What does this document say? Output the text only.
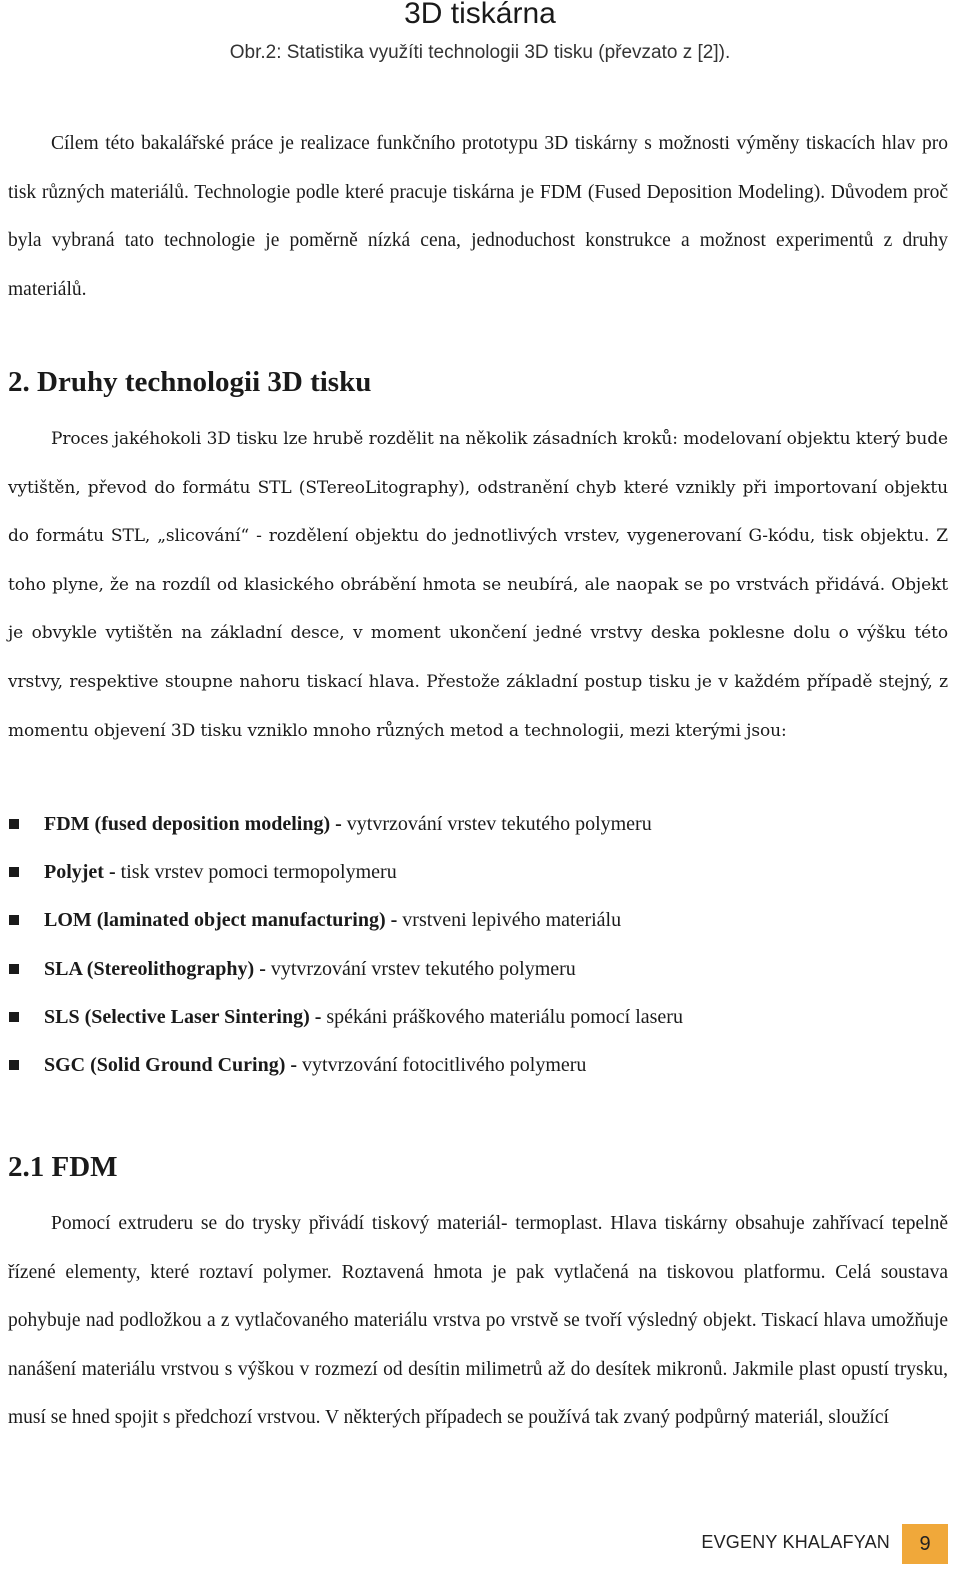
3D tiskárna

Obr.2: Statistika využíti technologii 3D tisku (převzato z [2]).

Cílem této bakalářské práce je realizace funkčního prototypu 3D tiskárny s možnosti výměny tiskacích hlav pro tisk různých materiálů. Technologie podle které pracuje tiskárna je FDM (Fused Deposition Modeling). Důvodem proč byla vybraná tato technologie je poměrně nízká cena, jednoduchost konstrukce a možnost experimentů z druhy materiálů.

2. Druhy technologii 3D tisku

Proces jakéhokoli 3D tisku lze hrubě rozdělit na několik zásadních kroků: modelovaní objektu který bude vytištěn, převod do formátu STL (STereoLitography), odstranění chyb které vznikly při importovaní objektu do formátu STL, „slicování“ - rozdělení objektu do jednotlivých vrstev, vygenerovaní G-kódu, tisk objektu. Z toho plyne, že na rozdíl od klasického obrábění hmota se neubírá, ale naopak se po vrstvách přidává. Objekt je obvykle vytištěn na základní desce, v moment ukončení jedné vrstvy deska poklesne dolu o výšku této vrstvy, respektive stoupne nahoru tiskací hlava. Přestože základní postup tisku je v každém případě stejný, z momentu objevení 3D tisku vzniklo mnoho různých metod a technologii, mezi kterými jsou:

FDM (fused deposition modeling) - vytvrzování vrstev tekutého polymeru
Polyjet - tisk vrstev pomoci termopolymeru
LOM (laminated object manufacturing) - vrstveni lepivého materiálu
SLA (Stereolithography) - vytvrzování vrstev tekutého polymeru
SLS (Selective Laser Sintering) - spékáni práškového materiálu pomocí laseru
SGC (Solid Ground Curing) - vytvrzování fotocitlivého polymeru
2.1 FDM

Pomocí extruderu se do trysky přivádí tiskový materiál- termoplast. Hlava tiskárny obsahuje zahřívací tepelně řízené elementy, které roztaví polymer. Roztavená hmota je pak vytlačená na tiskovou platformu. Celá soustava pohybuje nad podložkou a z vytlačovaného materiálu vrstva po vrstvě se tvoří výsledný objekt. Tiskací hlava umožňuje nanášení materiálu vrstvou s výškou v rozmezí od desítin milimetrů až do desítek mikronů. Jakmile plast opustí trysku, musí se hned spojit s předchozí vrstvou. V některých případech se používá tak zvaný podpůrný materiál, sloužící

EVGENY KHALAFYAN	9
